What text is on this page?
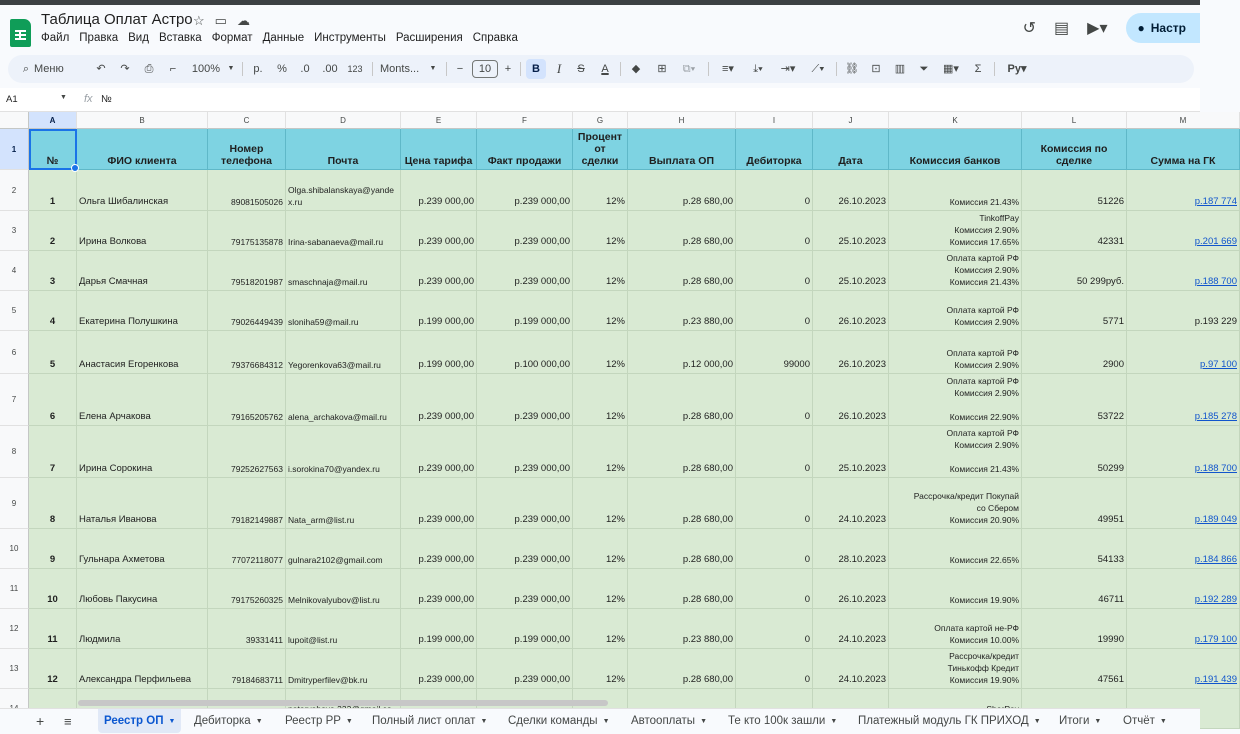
Таблица Оплат Астро ☆ ▭ ☁
Файл Правка Вид Вставка Формат Данные Инструменты Расширения Справка
↺ ▤ ▶▾	● Настр
⌕ Меню	↶ ↷ ⎙	⌐	100%	▼	р.	%	.0	.00	123	Monts...	▼ −	10	+	B	I	S	A	◆	⊞	⧉▾	≡▾	⤓▾	⇥▾	⟋▾	⛓	⊡	▥	⏷	▦▾	Σ	Pу▾
A1	▼ fx №
A	B	C	D	E	F	G	H	I	J	K	L	M
1
2
3
4
5
6
7
8
9
10
11
12
13
№	ФИО клиента
Номер телефона	Почта	Цена тарифа	Факт продажи
Процент от сделки	Выплата ОП	Дебиторка	Дата	Комиссия банков
Комиссия по сделке	Сумма на ГК
1	Ольга Шибалинская	89081505026
Olga.shibalanskaya@yandex.ru	р.239 000,00	р.239 000,00	12%	р.28 680,00	0	26.10.2023	Комиссия 21.43%	51226	р.187 774
2	Ирина Волкова	79175135878 Irina-sabanaeva@mail.ru	р.239 000,00	р.239 000,00	12%	р.28 680,00	0	25.10.2023
TinkoffPay
Комиссия 2.90%
Комиссия 17.65%	42331	р.201 669
3	Дарья Смачная	79518201987 smaschnaja@mail.ru	р.239 000,00	р.239 000,00	12%	р.28 680,00	0	25.10.2023
Оплата картой РФ
Комиссия 2.90%
Комиссия 21.43%	50 299руб.	р.188 700
4	Екатерина Полушкина	79026449439 sloniha59@mail.ru	р.199 000,00	р.199 000,00	12%	р.23 880,00	0	26.10.2023
Оплата картой РФ
Комиссия 2.90%	5771	р.193 229
5	Анастасия Егоренкова	79376684312 Yegorenkova63@mail.ru	р.199 000,00	р.100 000,00	12%	р.12 000,00	99000	26.10.2023
Оплата картой РФ
Комиссия 2.90%	2900	р.97 100
6	Елена Арчакова	79165205762 alena_archakova@mail.ru	р.239 000,00	р.239 000,00	12%	р.28 680,00	0	26.10.2023
Оплата картой РФ
Комиссия 2.90%

Комиссия 22.90%	53722	р.185 278
7	Ирина Сорокина	79252627563 i.sorokina70@yandex.ru	р.239 000,00	р.239 000,00	12%	р.28 680,00	0	25.10.2023
Оплата картой РФ
Комиссия 2.90%

Комиссия 21.43%	50299	р.188 700
8	Наталья Иванова	79182149887 Nata_arm@list.ru	р.239 000,00	р.239 000,00	12%	р.28 680,00	0	24.10.2023
Рассрочка/кредит Покупай
со Сбером
Комиссия 20.90%	49951	р.189 049
9	Гульнара Ахметова	77072118077 gulnara2102@gmail.com	р.239 000,00	р.239 000,00	12%	р.28 680,00	0	28.10.2023	Комиссия 22.65%	54133	р.184 866
10	Любовь Пакусина	79175260325 Melnikovalyubov@list.ru	р.239 000,00	р.239 000,00	12%	р.28 680,00	0	26.10.2023	Комиссия 19.90%	46711	р.192 289
11	Людмила	39331411 lupoit@list.ru	р.199 000,00	р.199 000,00	12%	р.23 880,00	0	24.10.2023
Оплата картой не-РФ
Комиссия 10.00%	19990	р.179 100
12	Александра Перфильева	79184683711 Dmitryperfilev@bk.ru	р.239 000,00	р.239 000,00	12%	р.28 680,00	0	24.10.2023
Рассрочка/кредит
Тинькофф Кредит
Комиссия 19.90%	47561	р.191 439
+ ≡	Реестр ОП ▼	Дебиторка ▼ Реестр РР ▼ Полный лист оплат ▼ Сделки команды ▼ Автооплаты ▼ Те кто 100к зашли ▼ Платежный модуль ГК ПРИХОД ▼ Итоги ▼ Отчёт ▼
